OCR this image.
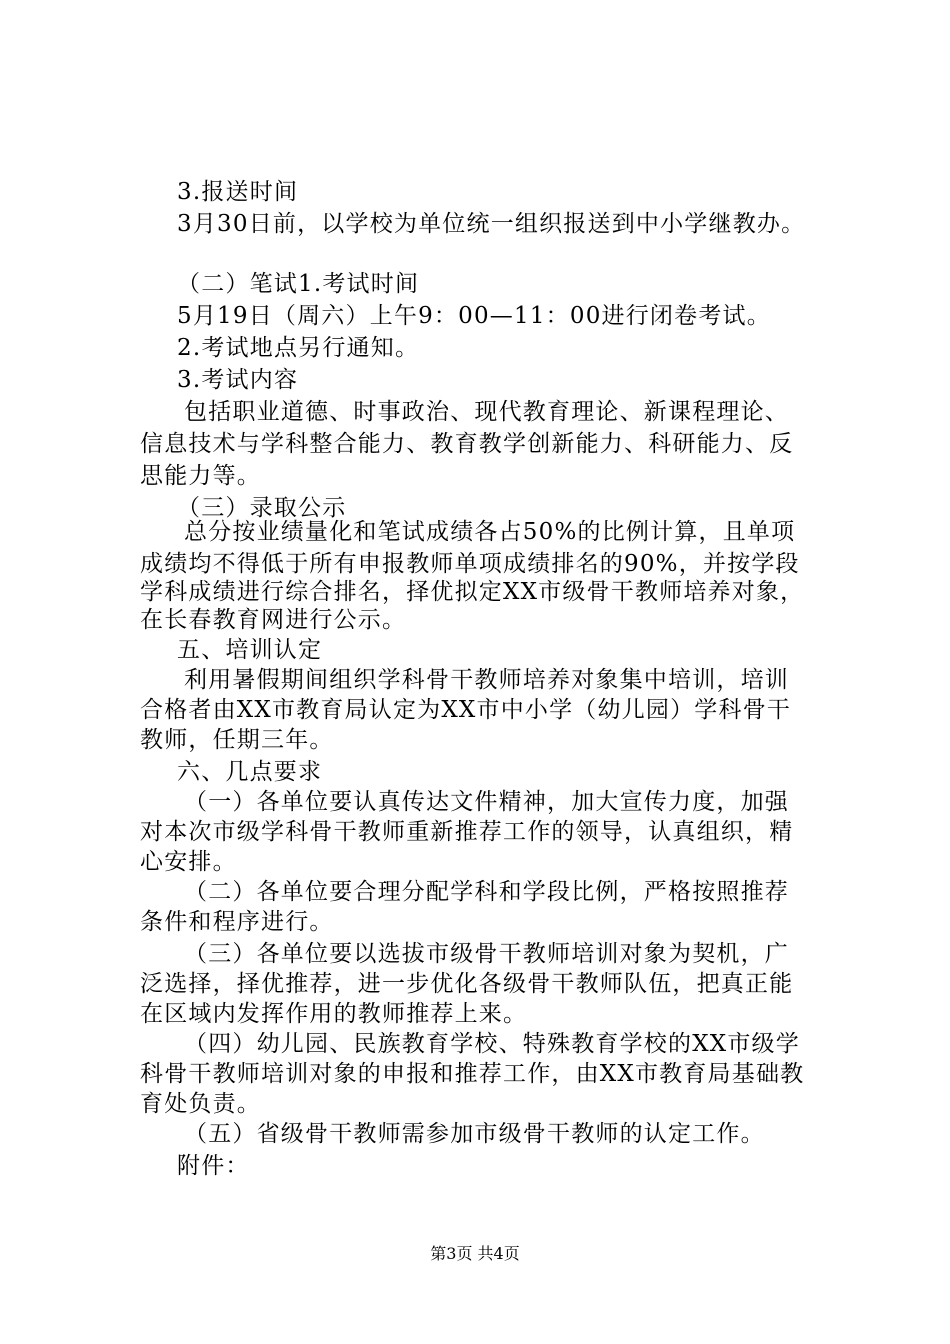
3.报送时间
3月30日前，以学校为单位统一组织报送到中小学继教办。
（二）笔试1.考试时间
5月19日（周六）上午9：00—11：00进行闭卷考试。
2.考试地点另行通知。
3.考试内容
包括职业道德、时事政治、现代教育理论、新课程理论、
信息技术与学科整合能力、教育教学创新能力、科研能力、反
思能力等。
（三）录取公示
总分按业绩量化和笔试成绩各占50%的比例计算，且单项
成绩均不得低于所有申报教师单项成绩排名的90%，并按学段
学科成绩进行综合排名，择优拟定XX市级骨干教师培养对象，
在长春教育网进行公示。
五、培训认定
利用暑假期间组织学科骨干教师培养对象集中培训，培训
合格者由XX市教育局认定为XX市中小学（幼儿园）学科骨干
教师，任期三年。
六、几点要求
（一）各单位要认真传达文件精神，加大宣传力度，加强
对本次市级学科骨干教师重新推荐工作的领导，认真组织，精
心安排。
（二）各单位要合理分配学科和学段比例，严格按照推荐
条件和程序进行。
（三）各单位要以选拔市级骨干教师培训对象为契机，广
泛选择，择优推荐，进一步优化各级骨干教师队伍，把真正能
在区域内发挥作用的教师推荐上来。
（四）幼儿园、民族教育学校、特殊教育学校的XX市级学
科骨干教师培训对象的申报和推荐工作，由XX市教育局基础教
育处负责。
（五）省级骨干教师需参加市级骨干教师的认定工作。
附件：
第3页 共4页
